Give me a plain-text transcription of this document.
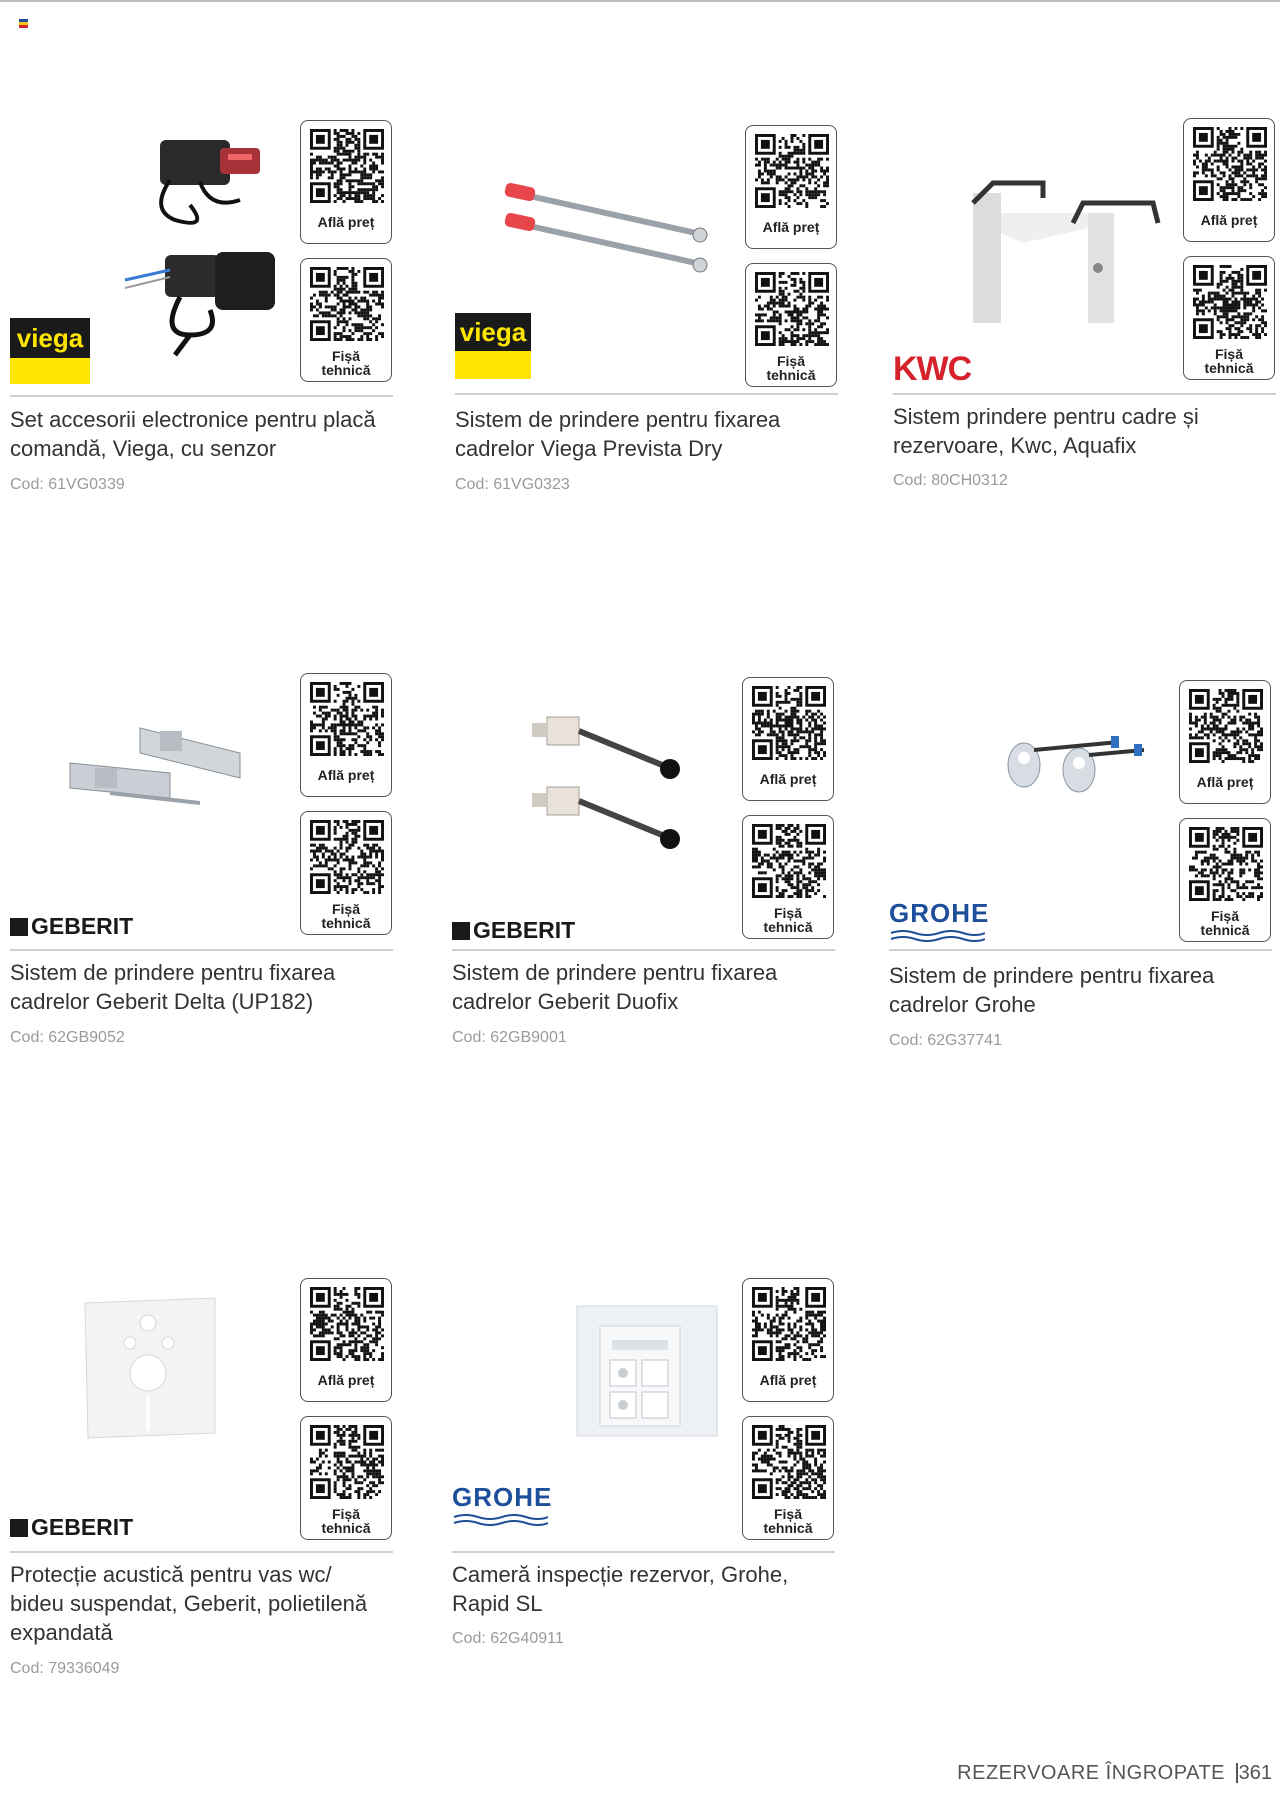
Află preț
Fișă
tehnică
viega
Set accesorii electronice pentru placă
comandă, Viega, cu senzor
Cod: 61VG0339
Află preț
Fișă
tehnică
viega
Sistem de prindere pentru fixarea
cadrelor Viega Prevista Dry
Cod: 61VG0323
Află preț
Fișă
tehnică
KWC
Sistem prindere pentru cadre și
rezervoare, Kwc, Aquafix
Cod: 80CH0312
Află preț
Fișă
tehnică
GEBERIT
Sistem de prindere pentru fixarea
cadrelor Geberit Delta (UP182)
Cod: 62GB9052
Află preț
Fișă
tehnică
GEBERIT
Sistem de prindere pentru fixarea
cadrelor Geberit Duofix
Cod: 62GB9001
Află preț
Fișă
tehnică
GROHE
Sistem de prindere pentru fixarea
cadrelor Grohe
Cod: 62G37741
Află preț
Fișă
tehnică
GEBERIT
Protecție acustică pentru vas wc/
bideu suspendat, Geberit, polietilenă
expandată
Cod: 79336049
Află preț
Fișă
tehnică
GROHE
Cameră inspecție rezervor, Grohe,
Rapid SL
Cod: 62G40911
REZERVOARE ÎNGROPATE 361
